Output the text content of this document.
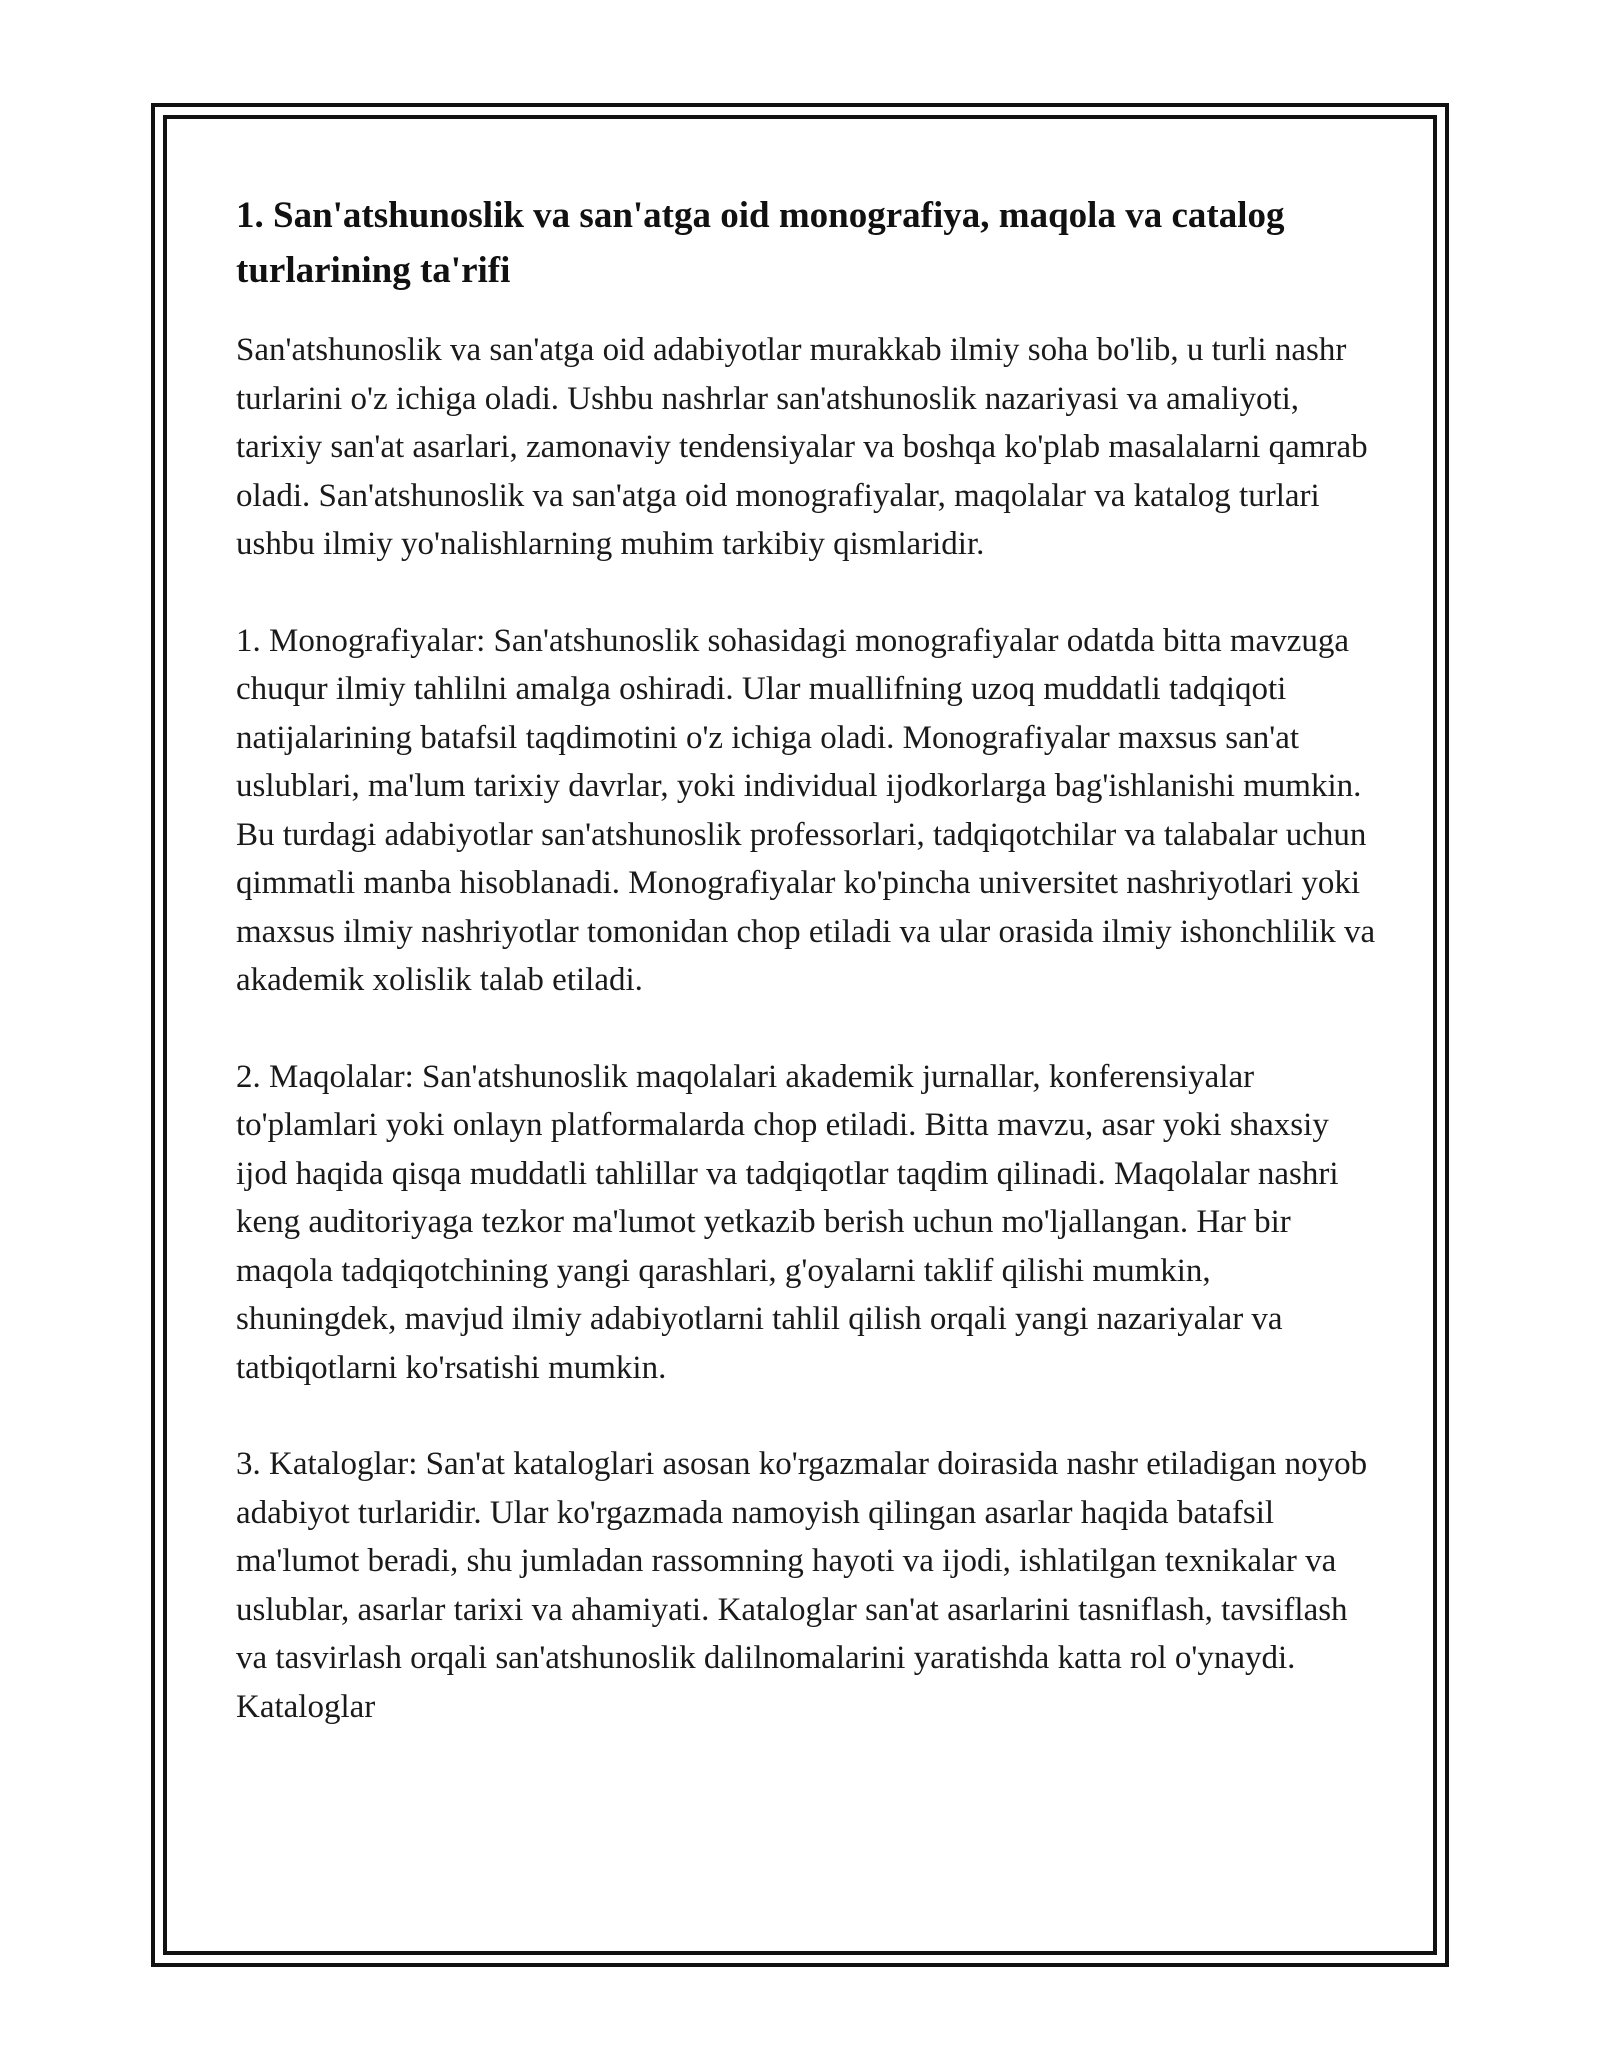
1. San'atshunoslik va san'atga oid monografiya, maqola va catalog turlarining ta'rifi

San'atshunoslik va san'atga oid adabiyotlar murakkab ilmiy soha bo'lib, u turli nashr turlarini o'z ichiga oladi. Ushbu nashrlar san'atshunoslik nazariyasi va amaliyoti, tarixiy san'at asarlari, zamonaviy tendensiyalar va boshqa ko'plab masalalarni qamrab oladi. San'atshunoslik va san'atga oid monografiyalar, maqolalar va katalog turlari ushbu ilmiy yo'nalishlarning muhim tarkibiy qismlaridir.

1. Monografiyalar: San'atshunoslik sohasidagi monografiyalar odatda bitta mavzuga chuqur ilmiy tahlilni amalga oshiradi. Ular muallifning uzoq muddatli tadqiqoti natijalarining batafsil taqdimotini o'z ichiga oladi. Monografiyalar maxsus san'at uslublari, ma'lum tarixiy davrlar, yoki individual ijodkorlarga bag'ishlanishi mumkin. Bu turdagi adabiyotlar san'atshunoslik professorlari, tadqiqotchilar va talabalar uchun qimmatli manba hisoblanadi. Monografiyalar ko'pincha universitet nashriyotlari yoki maxsus ilmiy nashriyotlar tomonidan chop etiladi va ular orasida ilmiy ishonchlilik va akademik xolislik talab etiladi.

2. Maqolalar: San'atshunoslik maqolalari akademik jurnallar, konferensiyalar to'plamlari yoki onlayn platformalarda chop etiladi. Bitta mavzu, asar yoki shaxsiy ijod haqida qisqa muddatli tahlillar va tadqiqotlar taqdim qilinadi. Maqolalar nashri keng auditoriyaga tezkor ma'lumot yetkazib berish uchun mo'ljallangan. Har bir maqola tadqiqotchining yangi qarashlari, g'oyalarni taklif qilishi mumkin, shuningdek, mavjud ilmiy adabiyotlarni tahlil qilish orqali yangi nazariyalar va tatbiqotlarni ko'rsatishi mumkin.

3. Kataloglar: San'at kataloglari asosan ko'rgazmalar doirasida nashr etiladigan noyob adabiyot turlaridir. Ular ko'rgazmada namoyish qilingan asarlar haqida batafsil ma'lumot beradi, shu jumladan rassomning hayoti va ijodi, ishlatilgan texnikalar va uslublar, asarlar tarixi va ahamiyati. Kataloglar san'at asarlarini tasniflash, tavsiflash va tasvirlash orqali san'atshunoslik dalilnomalarini yaratishda katta rol o'ynaydi. Kataloglar
